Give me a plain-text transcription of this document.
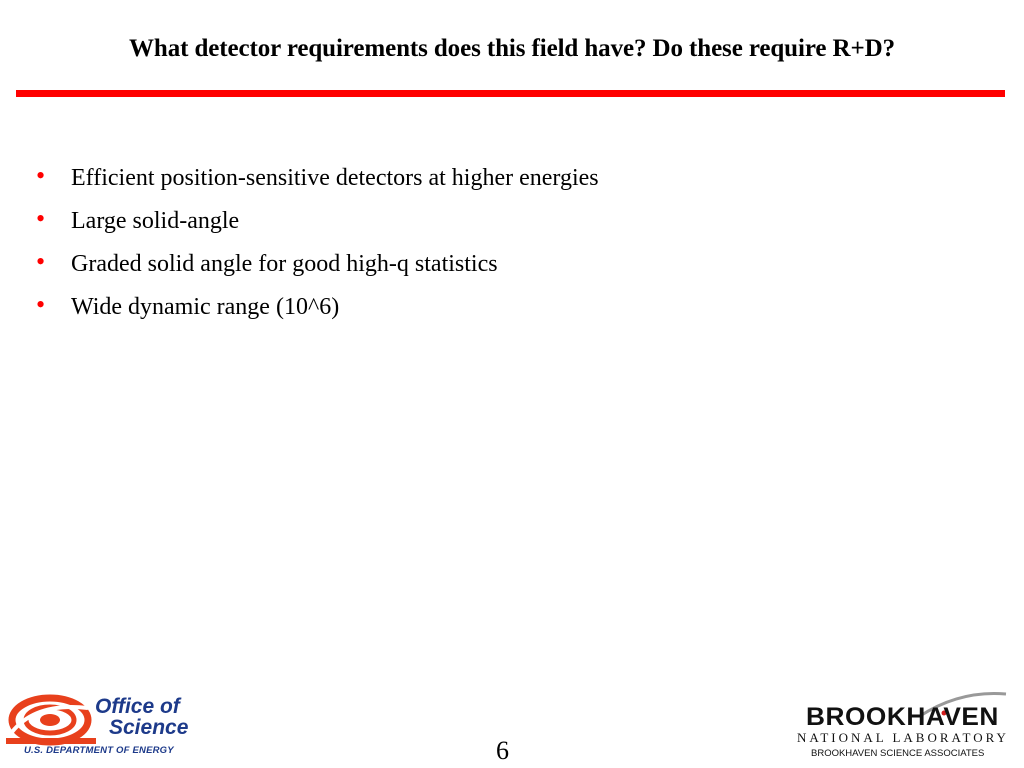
What detector requirements does this field have? Do these require R+D?
• Efficient position-sensitive detectors at higher energies
• Large solid-angle
• Graded solid angle for good high-q statistics
• Wide dynamic range (10^6)
Office of
Science
U.S. DEPARTMENT OF ENERGY	6
BROOKHAVEN
NATIONAL LABORATORY
BROOKHAVEN SCIENCE ASSOCIATES
